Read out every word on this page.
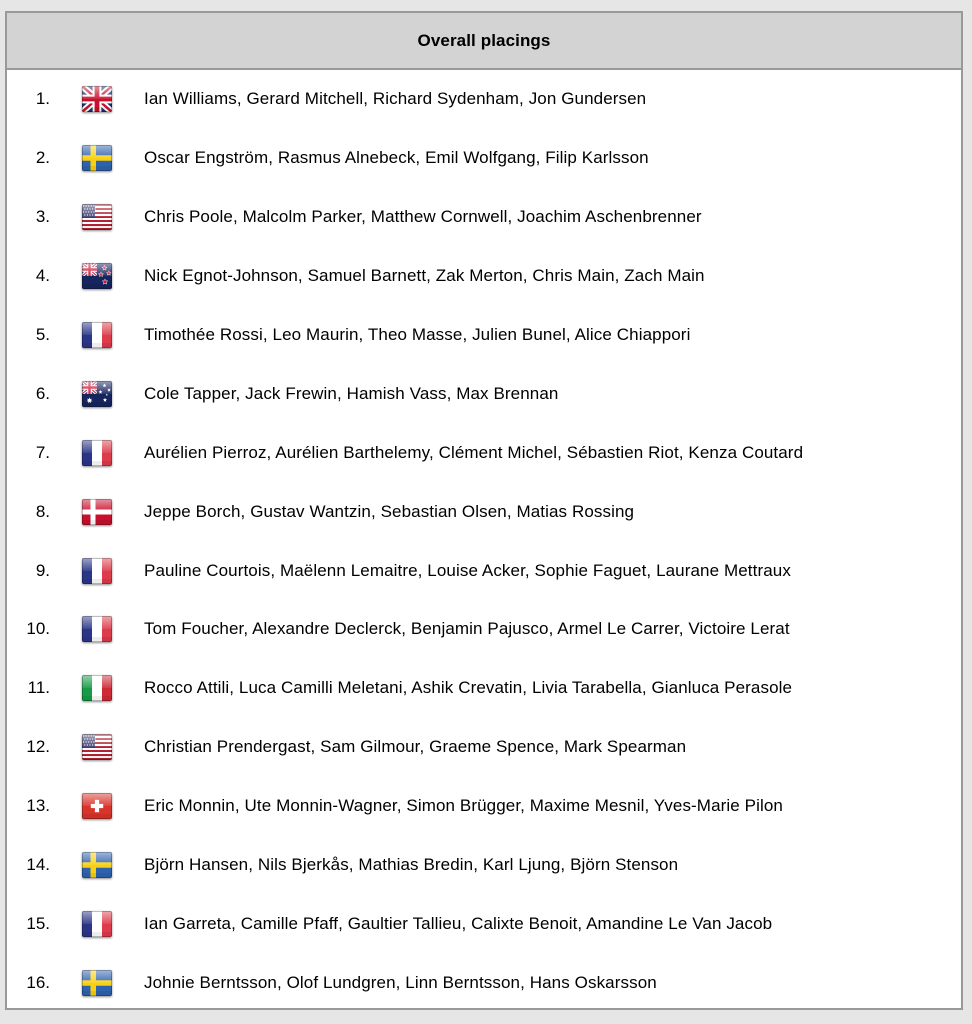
Overall placings
1.	Ian Williams, Gerard Mitchell, Richard Sydenham, Jon Gundersen
2.	Oscar Engström, Rasmus Alnebeck, Emil Wolfgang, Filip Karlsson
3.	Chris Poole, Malcolm Parker, Matthew Cornwell, Joachim Aschenbrenner
4.	Nick Egnot-Johnson, Samuel Barnett, Zak Merton, Chris Main, Zach Main
5.	Timothée Rossi, Leo Maurin, Theo Masse, Julien Bunel, Alice Chiappori
6.	Cole Tapper, Jack Frewin, Hamish Vass, Max Brennan
7.	Aurélien Pierroz, Aurélien Barthelemy, Clément Michel, Sébastien Riot, Kenza Coutard
8.	Jeppe Borch, Gustav Wantzin, Sebastian Olsen, Matias Rossing
9.	Pauline Courtois, Maëlenn Lemaitre, Louise Acker, Sophie Faguet, Laurane Mettraux
10.	Tom Foucher, Alexandre Declerck, Benjamin Pajusco, Armel Le Carrer, Victoire Lerat
11.	Rocco Attili, Luca Camilli Meletani, Ashik Crevatin, Livia Tarabella, Gianluca Perasole
12.	Christian Prendergast, Sam Gilmour, Graeme Spence, Mark Spearman
13.	Eric Monnin, Ute Monnin-Wagner, Simon Brügger, Maxime Mesnil, Yves-Marie Pilon
14.	Björn Hansen, Nils Bjerkås, Mathias Bredin, Karl Ljung, Björn Stenson
15.	Ian Garreta, Camille Pfaff, Gaultier Tallieu, Calixte Benoit, Amandine Le Van Jacob
16.	Johnie Berntsson, Olof Lundgren, Linn Berntsson, Hans Oskarsson
